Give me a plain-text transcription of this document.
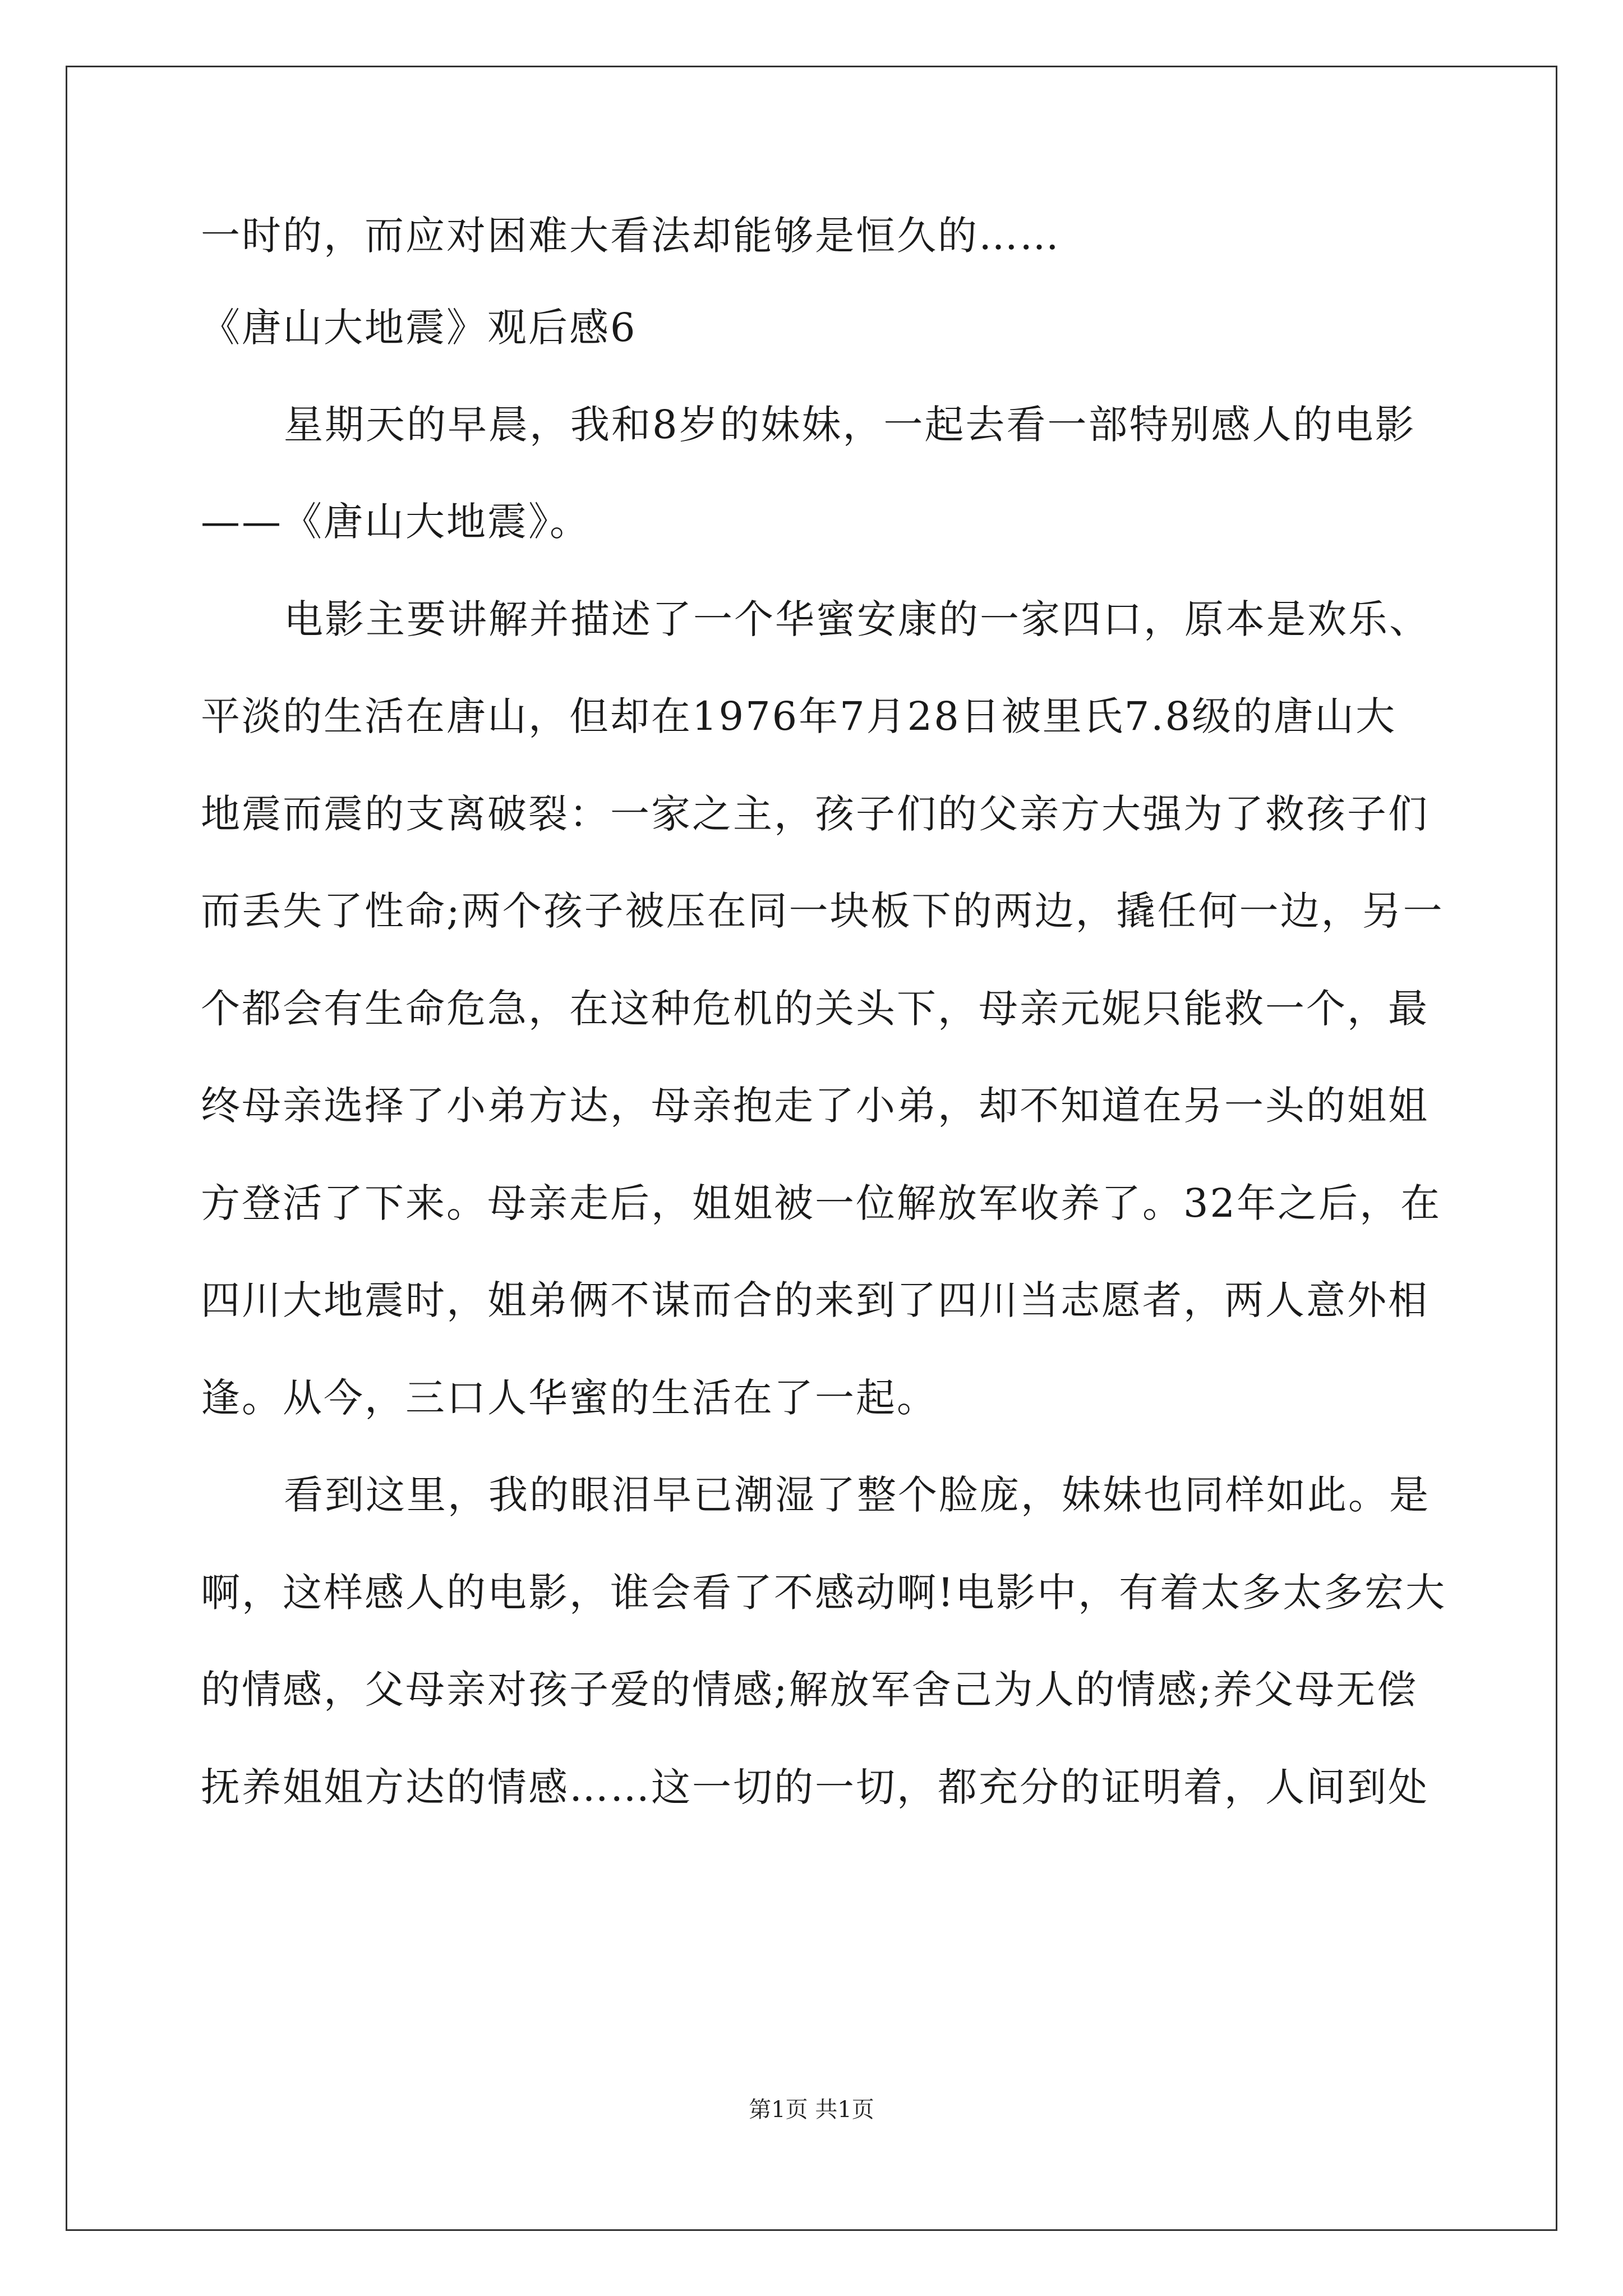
一时的，而应对困难大看法却能够是恒久的……
《唐山大地震》观后感6
星期天的早晨，我和8岁的妹妹，一起去看一部特别感人的电影
——《唐山大地震》。
电影主要讲解并描述了一个华蜜安康的一家四口，原本是欢乐、
平淡的生活在唐山，但却在1976年7月28日被里氏7.8级的唐山大
地震而震的支离破裂：一家之主，孩子们的父亲方大强为了救孩子们
而丢失了性命;两个孩子被压在同一块板下的两边，撬任何一边，另一
个都会有生命危急，在这种危机的关头下，母亲元妮只能救一个，最
终母亲选择了小弟方达，母亲抱走了小弟，却不知道在另一头的姐姐
方登活了下来。母亲走后，姐姐被一位解放军收养了。32年之后，在
四川大地震时，姐弟俩不谋而合的来到了四川当志愿者，两人意外相
逢。从今，三口人华蜜的生活在了一起。
看到这里，我的眼泪早已潮湿了整个脸庞，妹妹也同样如此。是
啊，这样感人的电影，谁会看了不感动啊!电影中，有着太多太多宏大
的情感，父母亲对孩子爱的情感;解放军舍己为人的情感;养父母无偿
抚养姐姐方达的情感……这一切的一切，都充分的证明着，人间到处
第1页 共1页
